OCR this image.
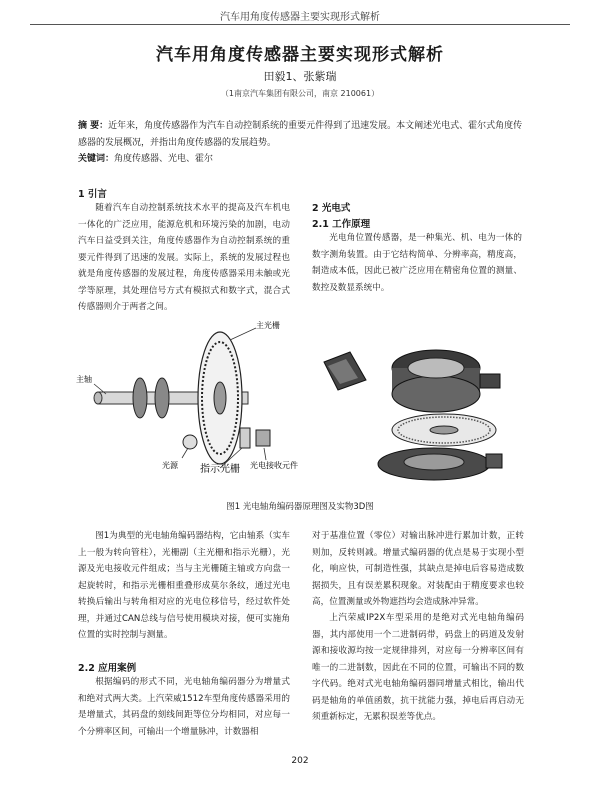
汽车用角度传感器主要实现形式解析
汽车用角度传感器主要实现形式解析
田毅1、张紫瑞
（1南京汽车集团有限公司，南京 210061）
摘 要：近年来，角度传感器作为汽车自动控制系统的重要元件得到了迅速发展。本文阐述光电式、霍尔式角度传感器的发展概况，并指出角度传感器的发展趋势。
关键词：角度传感器、光电、霍尔
1 引言
随着汽车自动控制系统技术水平的提高及汽车机电一体化的广泛应用，能源危机和环境污染的加剧，电动汽车日益受到关注，角度传感器作为自动控制系统的重要元件得到了迅速的发展。实际上，系统的发展过程也就是角度传感器的发展过程，角度传感器采用未触或光学等原理，其处理信号方式有模拟式和数字式，混合式传感器则介于两者之间。
2 光电式
2.1 工作原理
光电角位置传感器，是一种集光、机、电为一体的数字测角装置。由于它结构简单、分辨率高，精度高，制造成本低，因此已被广泛应用在精密角位置的测量、数控及数显系统中。
主光栅
主轴
光源 指示光栅 光电接收元件
图1 光电轴角编码器原理图及实物3D图
图1为典型的光电轴角编码器结构，它由轴系（实车上一般为转向管柱），光栅副（主光栅和指示光栅），光源及光电接收元件组成；当与主光栅随主轴或方向盘一起旋转时，和指示光栅相重叠形成莫尔条纹，通过光电转换后输出与转角相对应的光电位移信号，经过软件处理，并通过CAN总线与信号使用模块对接，便可实施角位置的实时控制与测量。
2.2 应用案例
根据编码的形式不同，光电轴角编码器分为增量式和绝对式两大类。上汽荣威1512车型角度传感器采用的是增量式，其码盘的刻线间距等位分均相同，对应每一个分辨率区间，可输出一个增量脉冲，计数器相
对于基准位置（零位）对输出脉冲进行累加计数，正转则加，反转则减。增量式编码器的优点是易于实现小型化，响应快，可制造性强，其缺点是掉电后容易造成数据损失，且有误差累积现象。对装配由于精度要求也较高，位置测量或外物遮挡均会造成脉冲异常。
上汽荣威IP2X车型采用的是绝对式光电轴角编码器，其内部使用一个二进制码带，码盘上的码道及发射源和接收源均按一定规律排列，对应每一分辨率区间有唯一的二进制数，因此在不同的位置，可输出不同的数字代码。绝对式光电轴角编码器同增量式相比，输出代码是轴角的单值函数，抗干扰能力强，掉电后再启动无须重新标定，无累积误差等优点。
202
